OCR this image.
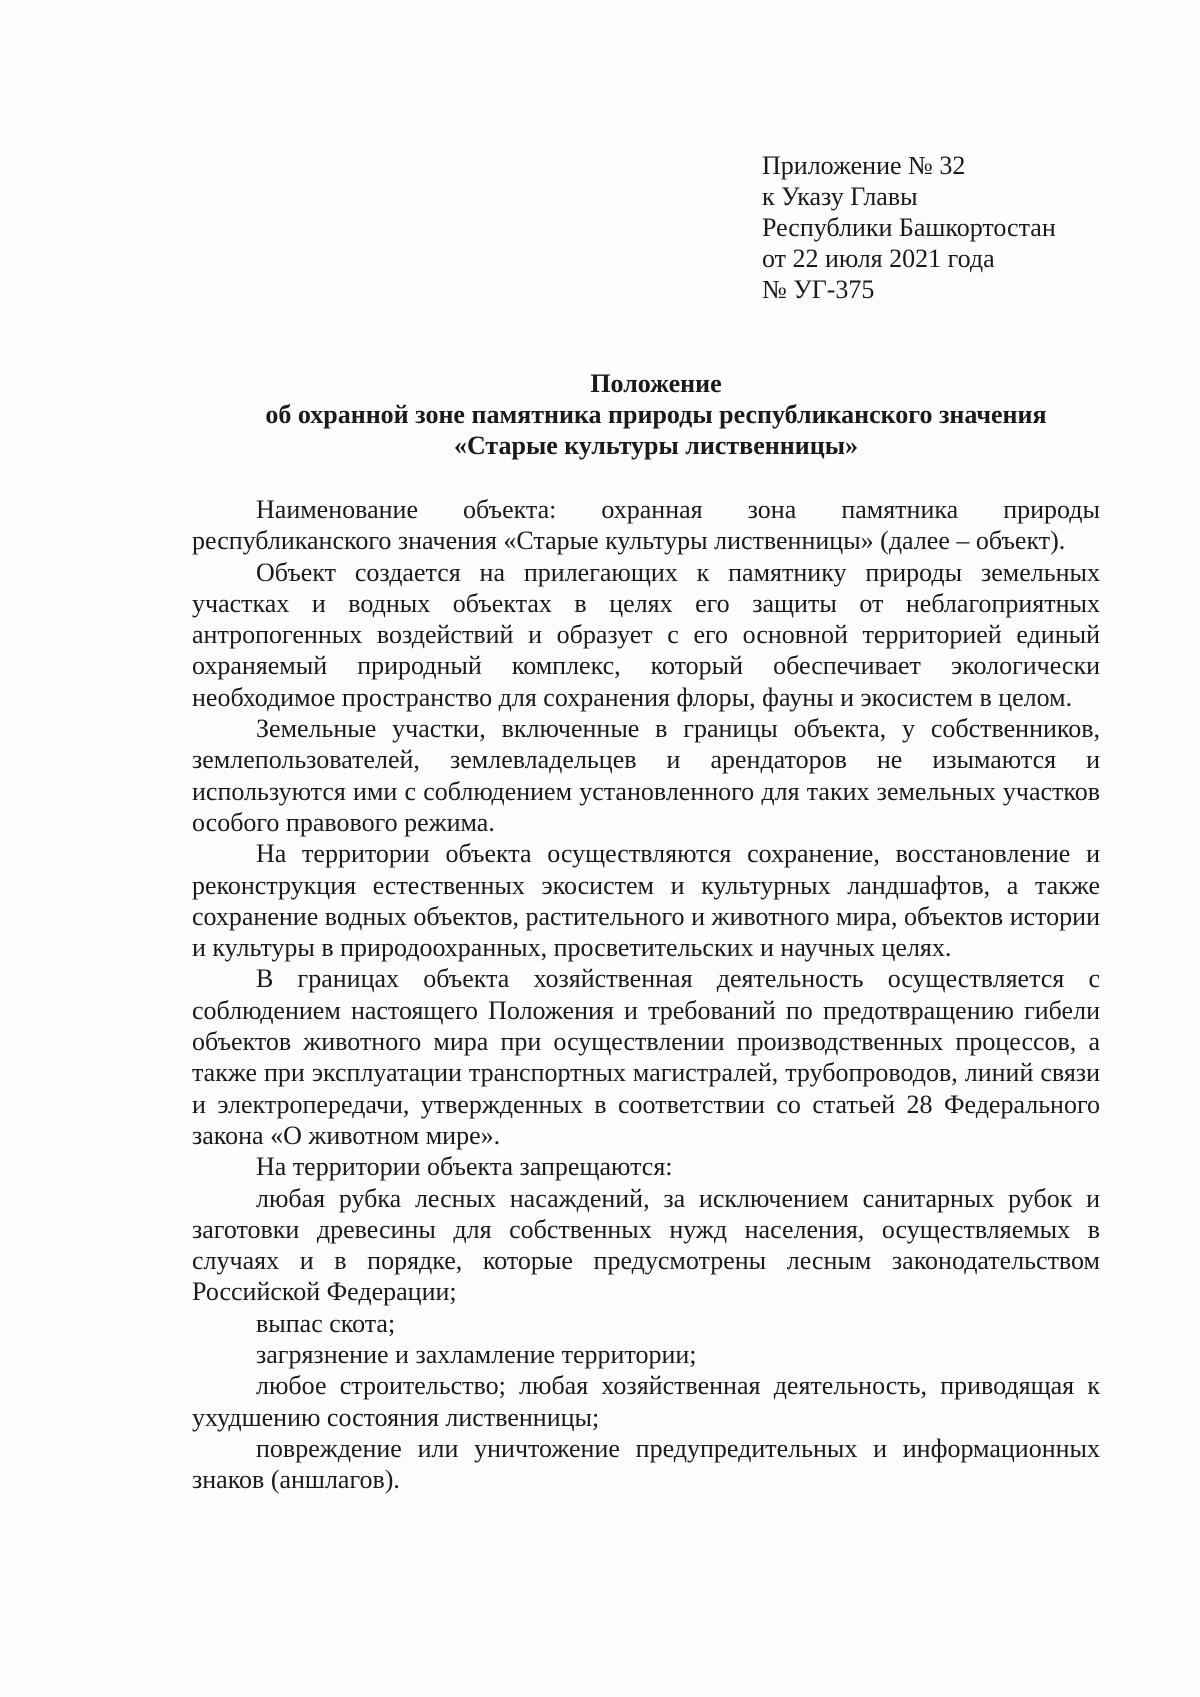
Приложение № 32
к Указу Главы
Республики Башкортостан
от 22 июля 2021 года
№ УГ-375
Положение
об охранной зоне памятника природы республиканского значения
«Старые культуры лиственницы»

Наименование объекта: охранная зона памятника природы республиканского значения «Старые культуры лиственницы» (далее – объект).

Объект создается на прилегающих к памятнику природы земельных участках и водных объектах в целях его защиты от неблагоприятных антропогенных воздействий и образует с его основной территорией единый охраняемый природный комплекс, который обеспечивает экологически необходимое пространство для сохранения флоры, фауны и экосистем в целом.

Земельные участки, включенные в границы объекта, у собственников, землепользователей, землевладельцев и арендаторов не изымаются и используются ими с соблюдением установленного для таких земельных участков особого правового режима.

На территории объекта осуществляются сохранение, восстановление и реконструкция естественных экосистем и культурных ландшафтов, а также сохранение водных объектов, растительного и животного мира, объектов истории и культуры в природоохранных, просветительских и научных целях.

В границах объекта хозяйственная деятельность осуществляется с соблюдением настоящего Положения и требований по предотвращению гибели объектов животного мира при осуществлении производственных процессов, а также при эксплуатации транспортных магистралей, трубопроводов, линий связи и электропередачи, утвержденных в соответствии со статьей 28 Федерального закона «О животном мире».

На территории объекта запрещаются:

любая рубка лесных насаждений, за исключением санитарных рубок и заготовки древесины для собственных нужд населения, осуществляемых в случаях и в порядке, которые предусмотрены лесным законодательством Российской Федерации;

выпас скота;

загрязнение и захламление территории;

любое строительство; любая хозяйственная деятельность, приводящая к ухудшению состояния лиственницы;

повреждение или уничтожение предупредительных и информационных знаков (аншлагов).
